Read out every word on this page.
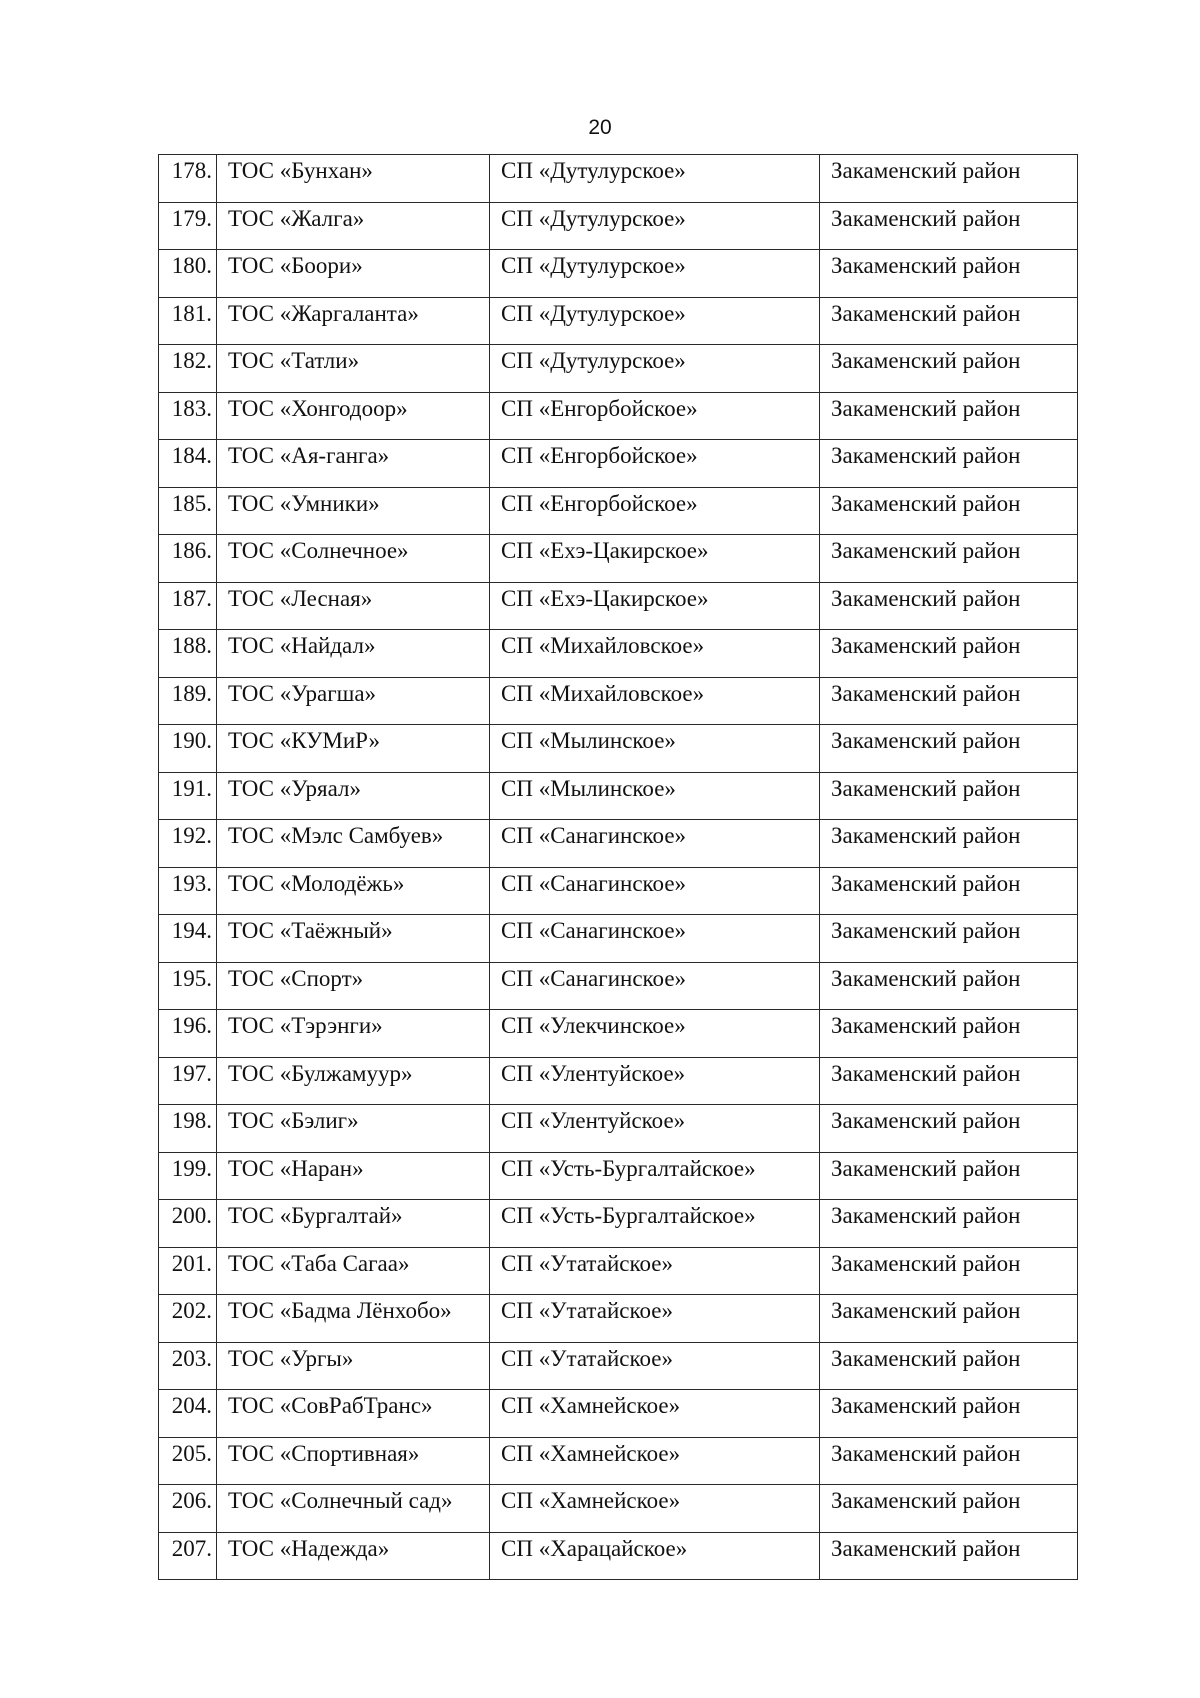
20
178.	ТОС «Бунхан»	СП «Дутулурское»	Закаменский район

179.	ТОС «Жалга»	СП «Дутулурское»	Закаменский район

180.	ТОС «Боори»	СП «Дутулурское»	Закаменский район

181.	ТОС «Жаргаланта»	СП «Дутулурское»	Закаменский район

182.	ТОС «Татли»	СП «Дутулурское»	Закаменский район

183.	ТОС «Хонгодоор»	СП «Енгорбойское»	Закаменский район

184.	ТОС «Ая-ганга»	СП «Енгорбойское»	Закаменский район

185.	ТОС «Умники»	СП «Енгорбойское»	Закаменский район

186.	ТОС «Солнечное»	СП «Ехэ-Цакирское»	Закаменский район

187.	ТОС «Лесная»	СП «Ехэ-Цакирское»	Закаменский район

188.	ТОС «Найдал»	СП «Михайловское»	Закаменский район

189.	ТОС «Урагша»	СП «Михайловское»	Закаменский район

190.	ТОС «КУМиР»	СП «Мылинское»	Закаменский район

191.	ТОС «Уряал»	СП «Мылинское»	Закаменский район

192.	ТОС «Мэлс Самбуев»	СП «Санагинское»	Закаменский район

193.	ТОС «Молодёжь»	СП «Санагинское»	Закаменский район

194.	ТОС «Таёжный»	СП «Санагинское»	Закаменский район

195.	ТОС «Спорт»	СП «Санагинское»	Закаменский район

196.	ТОС «Тэрэнги»	СП «Улекчинское»	Закаменский район

197.	ТОС «Булжамуур»	СП «Улентуйское»	Закаменский район

198.	ТОС «Бэлиг»	СП «Улентуйское»	Закаменский район

199.	ТОС «Наран»	СП «Усть-Бургалтайское»	Закаменский район

200.	ТОС «Бургалтай»	СП «Усть-Бургалтайское»	Закаменский район

201.	ТОС «Таба Сагаа»	СП «Утатайское»	Закаменский район

202.	ТОС «Бадма Лёнхобо»	СП «Утатайское»	Закаменский район

203.	ТОС «Ургы»	СП «Утатайское»	Закаменский район

204.	ТОС «СовРабТранс»	СП «Хамнейское»	Закаменский район

205.	ТОС «Спортивная»	СП «Хамнейское»	Закаменский район

206.	ТОС «Солнечный сад»	СП «Хамнейское»	Закаменский район

207.	ТОС «Надежда»	СП «Харацайское»	Закаменский район
